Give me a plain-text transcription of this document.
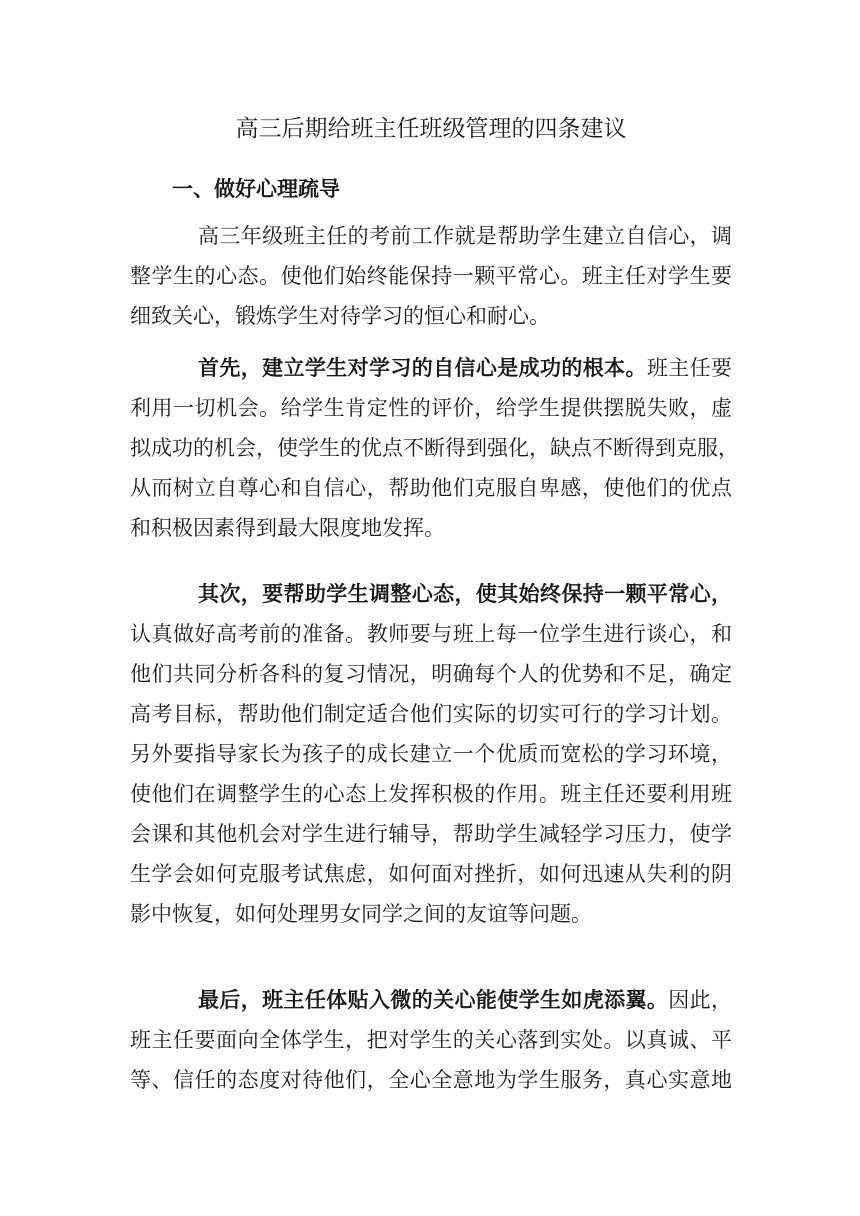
高三后期给班主任班级管理的四条建议
一、做好心理疏导
高三年级班主任的考前工作就是帮助学生建立自信心，调
整学生的心态。使他们始终能保持一颗平常心。班主任对学生要
细致关心，锻炼学生对待学习的恒心和耐心。
首先，建立学生对学习的自信心是成功的根本。班主任要
利用一切机会。给学生肯定性的评价，给学生提供摆脱失败，虚
拟成功的机会，使学生的优点不断得到强化，缺点不断得到克服，
从而树立自尊心和自信心，帮助他们克服自卑感，使他们的优点
和积极因素得到最大限度地发挥。
其次，要帮助学生调整心态，使其始终保持一颗平常心，
认真做好高考前的准备。教师要与班上每一位学生进行谈心，和
他们共同分析各科的复习情况，明确每个人的优势和不足，确定
高考目标，帮助他们制定适合他们实际的切实可行的学习计划。
另外要指导家长为孩子的成长建立一个优质而宽松的学习环境，
使他们在调整学生的心态上发挥积极的作用。班主任还要利用班
会课和其他机会对学生进行辅导，帮助学生减轻学习压力，使学
生学会如何克服考试焦虑，如何面对挫折，如何迅速从失利的阴
影中恢复，如何处理男女同学之间的友谊等问题。
最后，班主任体贴入微的关心能使学生如虎添翼。因此，
班主任要面向全体学生，把对学生的关心落到实处。以真诚、平
等、信任的态度对待他们，全心全意地为学生服务，真心实意地
